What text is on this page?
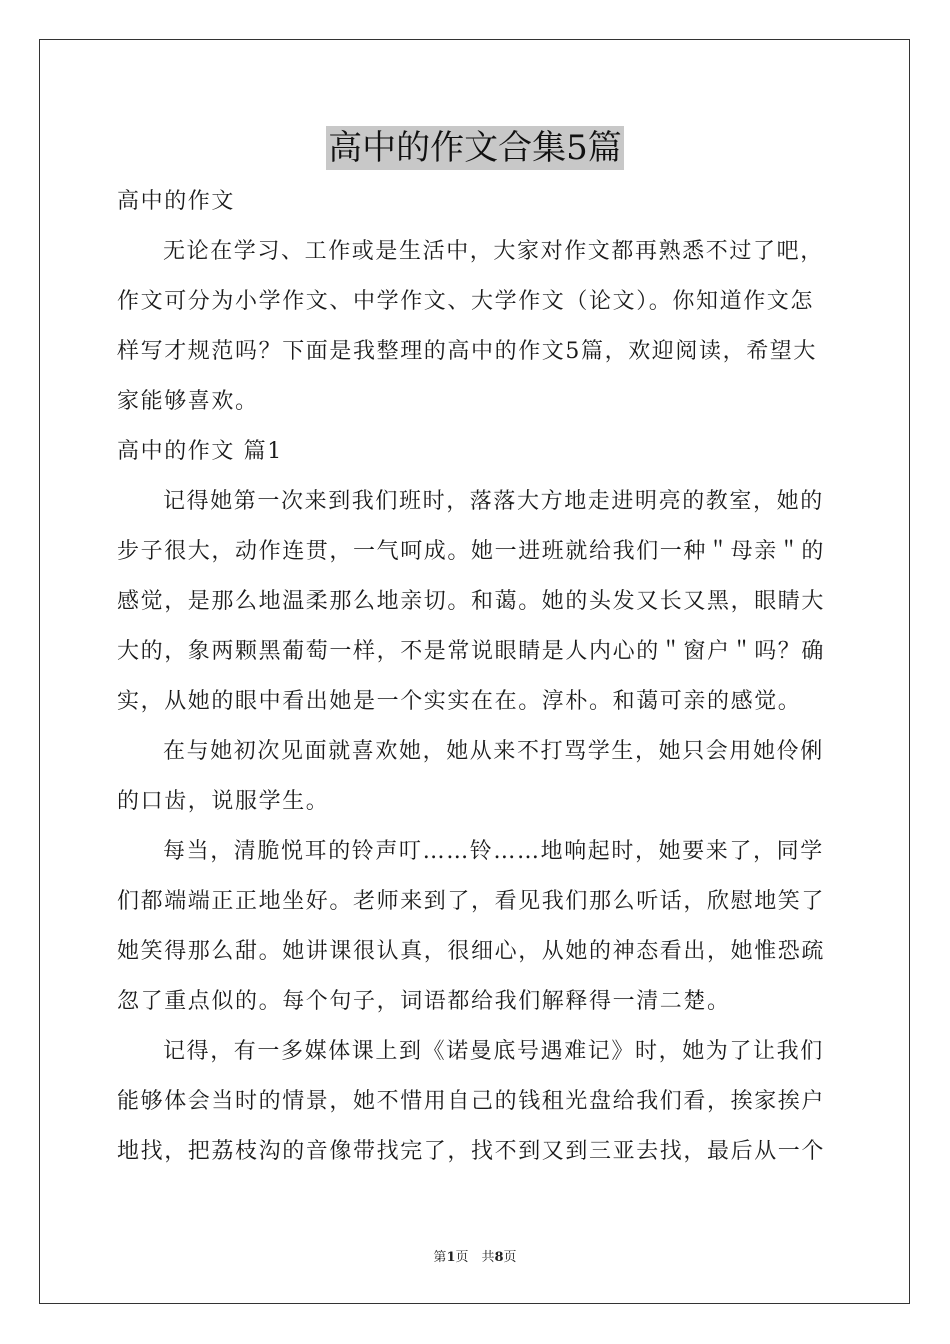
高中的作文合集5篇
高中的作文
无论在学习、工作或是生活中，大家对作文都再熟悉不过了吧，
作文可分为小学作文、中学作文、大学作文（论文）。你知道作文怎
样写才规范吗？下面是我整理的高中的作文5篇，欢迎阅读，希望大
家能够喜欢。
高中的作文 篇1
记得她第一次来到我们班时，落落大方地走进明亮的教室，她的
步子很大，动作连贯，一气呵成。她一进班就给我们一种＂母亲＂的
感觉，是那么地温柔那么地亲切。和蔼。她的头发又长又黑，眼睛大
大的，象两颗黑葡萄一样，不是常说眼睛是人内心的＂窗户＂吗？确
实，从她的眼中看出她是一个实实在在。淳朴。和蔼可亲的感觉。
在与她初次见面就喜欢她，她从来不打骂学生，她只会用她伶俐
的口齿，说服学生。
每当，清脆悦耳的铃声叮……铃……地响起时，她要来了，同学
们都端端正正地坐好。老师来到了，看见我们那么听话，欣慰地笑了
她笑得那么甜。她讲课很认真，很细心，从她的神态看出，她惟恐疏
忽了重点似的。每个句子，词语都给我们解释得一清二楚。
记得，有一多媒体课上到《诺曼底号遇难记》时，她为了让我们
能够体会当时的情景，她不惜用自己的钱租光盘给我们看，挨家挨户
地找，把荔枝沟的音像带找完了，找不到又到三亚去找，最后从一个
第1页　共8页
